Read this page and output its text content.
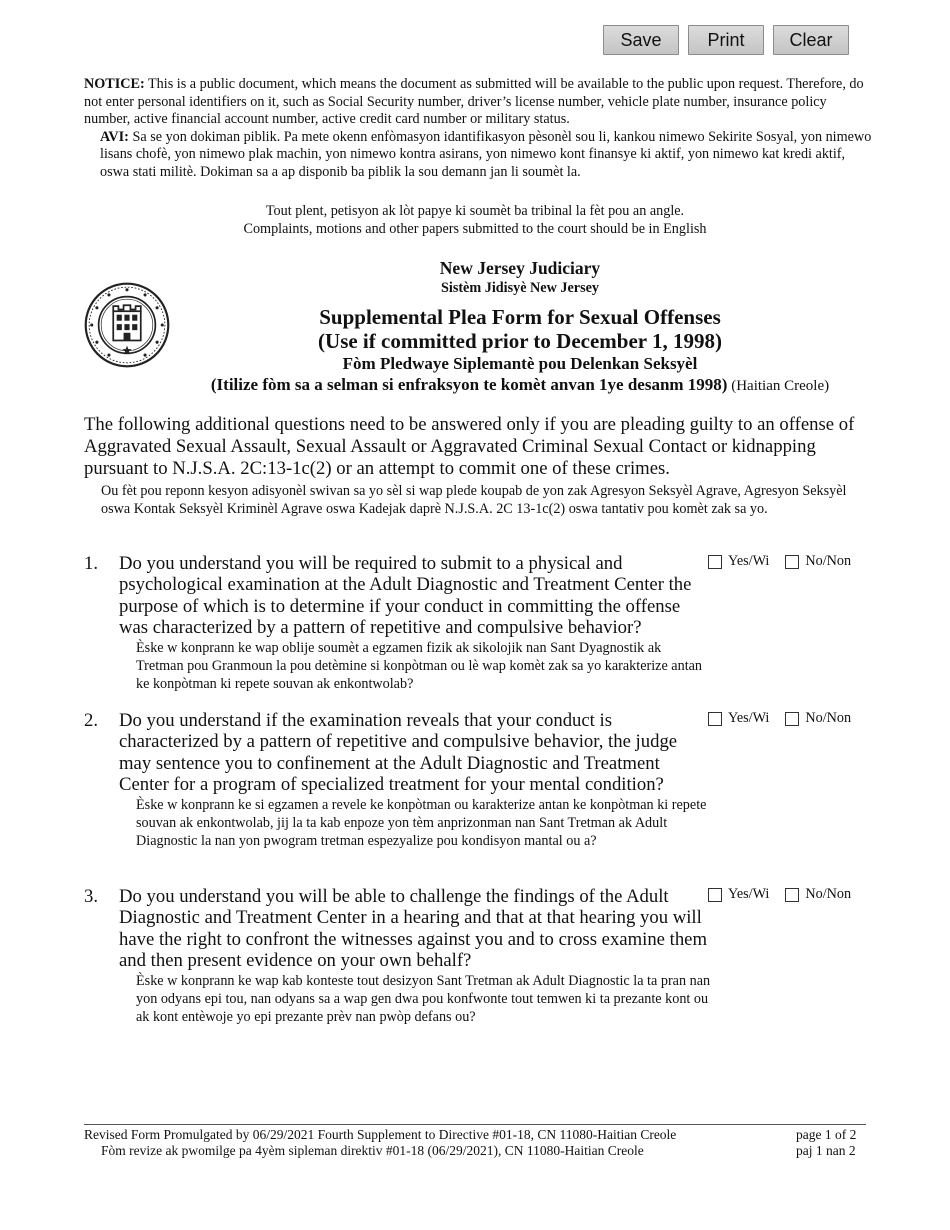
Save	Print	Clear

NOTICE: This is a public document, which means the document as submitted will be available to the public upon request. Therefore, do not enter personal identifiers on it, such as Social Security number, driver’s license number, vehicle plate number, insurance policy number, active financial account number, active credit card number or military status.

AVI: Sa se yon dokiman piblik. Pa mete okenn enfòmasyon idantifikasyon pèsonèl sou li, kankou nimewo Sekirite Sosyal, yon nimewo lisans chofè, yon nimewo plak machin, yon nimewo kontra asirans, yon nimewo kont finansye ki aktif, yon nimewo kat kredi aktif, oswa stati militè. Dokiman sa a ap disponib ba piblik la sou demann jan li soumèt la.

Tout plent, petisyon ak lòt papye ki soumèt ba tribinal la fèt pou an angle.

Complaints, motions and other papers submitted to the court should be in English

New Jersey Judiciary
Sistèm Jidisyè New Jersey
Supplemental Plea Form for Sexual Offenses
(Use if committed prior to December 1, 1998)
Fòm Pledwaye Siplemantè pou Delenkan Seksyèl
(Itilize fòm sa a selman si enfraksyon te komèt anvan 1ye desanm 1998) (Haitian Creole)

The following additional questions need to be answered only if you are pleading guilty to an offense of Aggravated Sexual Assault, Sexual Assault or Aggravated Criminal Sexual Contact or kidnapping pursuant to N.J.S.A. 2C:13-1c(2) or an attempt to commit one of these crimes.

Ou fèt pou reponn kesyon adisyonèl swivan sa yo sèl si wap plede koupab de yon zak Agresyon Seksyèl Agrave, Agresyon Seksyèl oswa Kontak Seksyèl Kriminèl Agrave oswa Kadejak daprè N.J.S.A. 2C 13-1c(2) oswa tantativ pou komèt zak sa yo.

1. Do you understand you will be required to submit to a physical and psychological examination at the Adult Diagnostic and Treatment Center the purpose of which is to determine if your conduct in committing the offense was characterized by a pattern of repetitive and compulsive behavior?

Èske w konprann ke wap oblije soumèt a egzamen fizik ak sikolojik nan Sant Dyagnostik ak Tretman pou Granmoun la pou detèmine si konpòtman ou lè wap komèt zak sa yo karakterize antan ke konpòtman ki repete souvan ak enkontwolab?

Yes/Wi	No/Non
2. Do you understand if the examination reveals that your conduct is characterized by a pattern of repetitive and compulsive behavior, the judge may sentence you to confinement at the Adult Diagnostic and Treatment Center for a program of specialized treatment for your mental condition?

Èske w konprann ke si egzamen a revele ke konpòtman ou karakterize antan ke konpòtman ki repete souvan ak enkontwolab, jij la ta kab enpoze yon tèm anprizonman nan Sant Tretman ak Adult Diagnostic la nan yon pwogram tretman espezyalize pou kondisyon mantal ou a?

Yes/Wi	No/Non
3. Do you understand you will be able to challenge the findings of the Adult Diagnostic and Treatment Center in a hearing and that at that hearing you will have the right to confront the witnesses against you and to cross examine them and then present evidence on your own behalf?

Èske w konprann ke wap kab konteste tout desizyon Sant Tretman ak Adult Diagnostic la ta pran nan yon odyans epi tou, nan odyans sa a wap gen dwa pou konfwonte tout temwen ki ta prezante kont ou ak kont entèwoje yo epi prezante prèv nan pwòp defans ou?

Yes/Wi	No/Non
Revised Form Promulgated by 06/29/2021 Fourth Supplement to Directive #01-18, CN 11080-Haitian Creole	page 1 of 2
Fòm revize ak pwomilge pa 4yèm sipleman direktiv #01-18 (06/29/2021), CN 11080-Haitian Creole	paj 1 nan 2
